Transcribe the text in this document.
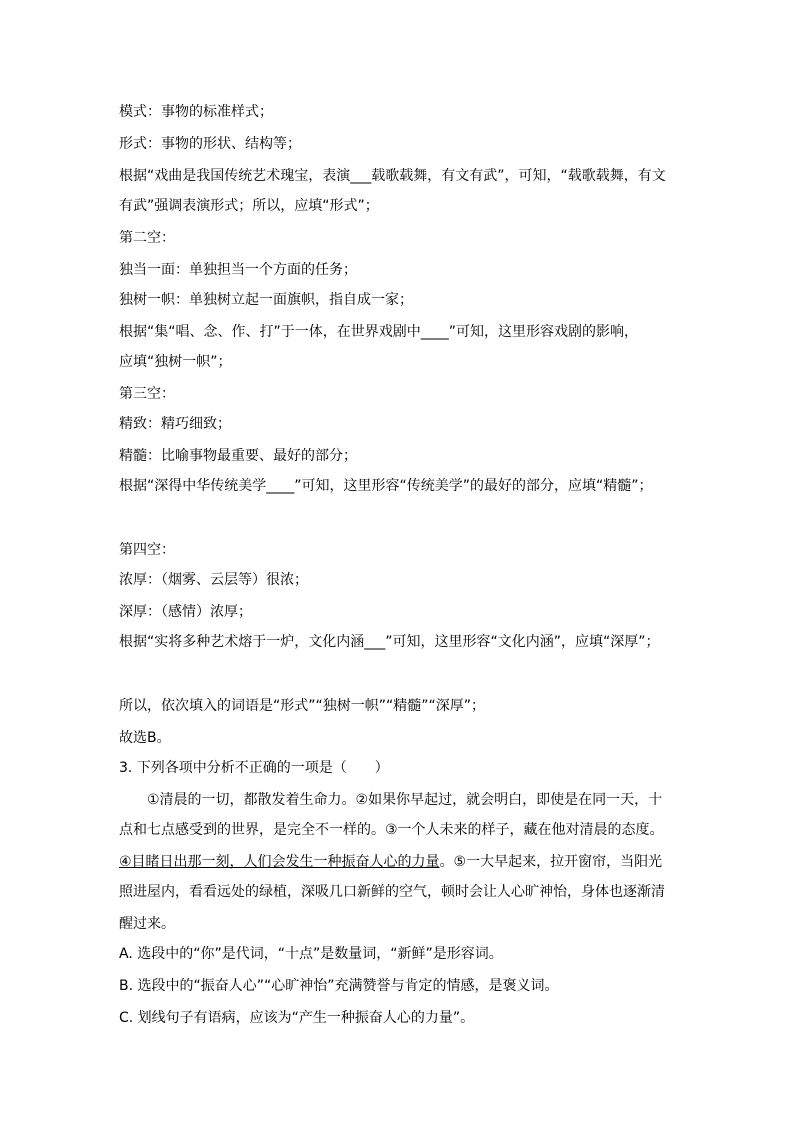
模式：事物的标准样式；
形式：事物的形状、结构等；
根据“戏曲是我国传统艺术瑰宝，表演___载歌载舞，有文有武”，可知，“载歌载舞，有文
有武”强调表演形式；所以，应填“形式”；
第二空：
独当一面：单独担当一个方面的任务；
独树一帜：单独树立起一面旗帜，指自成一家；
根据“集“唱、念、作、打”于一体，在世界戏剧中____”可知，这里形容戏剧的影响，
应填“独树一帜”；
第三空：
精致：精巧细致；
精髓：比喻事物最重要、最好的部分；
根据“深得中华传统美学____”可知，这里形容“传统美学”的最好的部分，应填“精髓”；
第四空：
浓厚：（烟雾、云层等）很浓；
深厚：（感情）浓厚；
根据“实将多种艺术熔于一炉，文化内涵___”可知，这里形容“文化内涵”，应填“深厚”；
所以，依次填入的词语是“形式”“独树一帜”“精髓”“深厚”；
故选B。
3. 下列各项中分析不正确的一项是（　　）
①清晨的一切，都散发着生命力。②如果你早起过，就会明白，即使是在同一天，十
点和七点感受到的世界，是完全不一样的。③一个人未来的样子，藏在他对清晨的态度。
④目睹日出那一刻，人们会发生一种振奋人心的力量。⑤一大早起来，拉开窗帘，当阳光
照进屋内，看看远处的绿植，深吸几口新鲜的空气，顿时会让人心旷神怡，身体也逐渐清
醒过来。
A. 选段中的“你”是代词，“十点”是数量词，“新鲜”是形容词。
B. 选段中的“振奋人心”“心旷神怡”充满赞誉与肯定的情感，是褒义词。
C. 划线句子有语病，应该为“产生一种振奋人心的力量”。
